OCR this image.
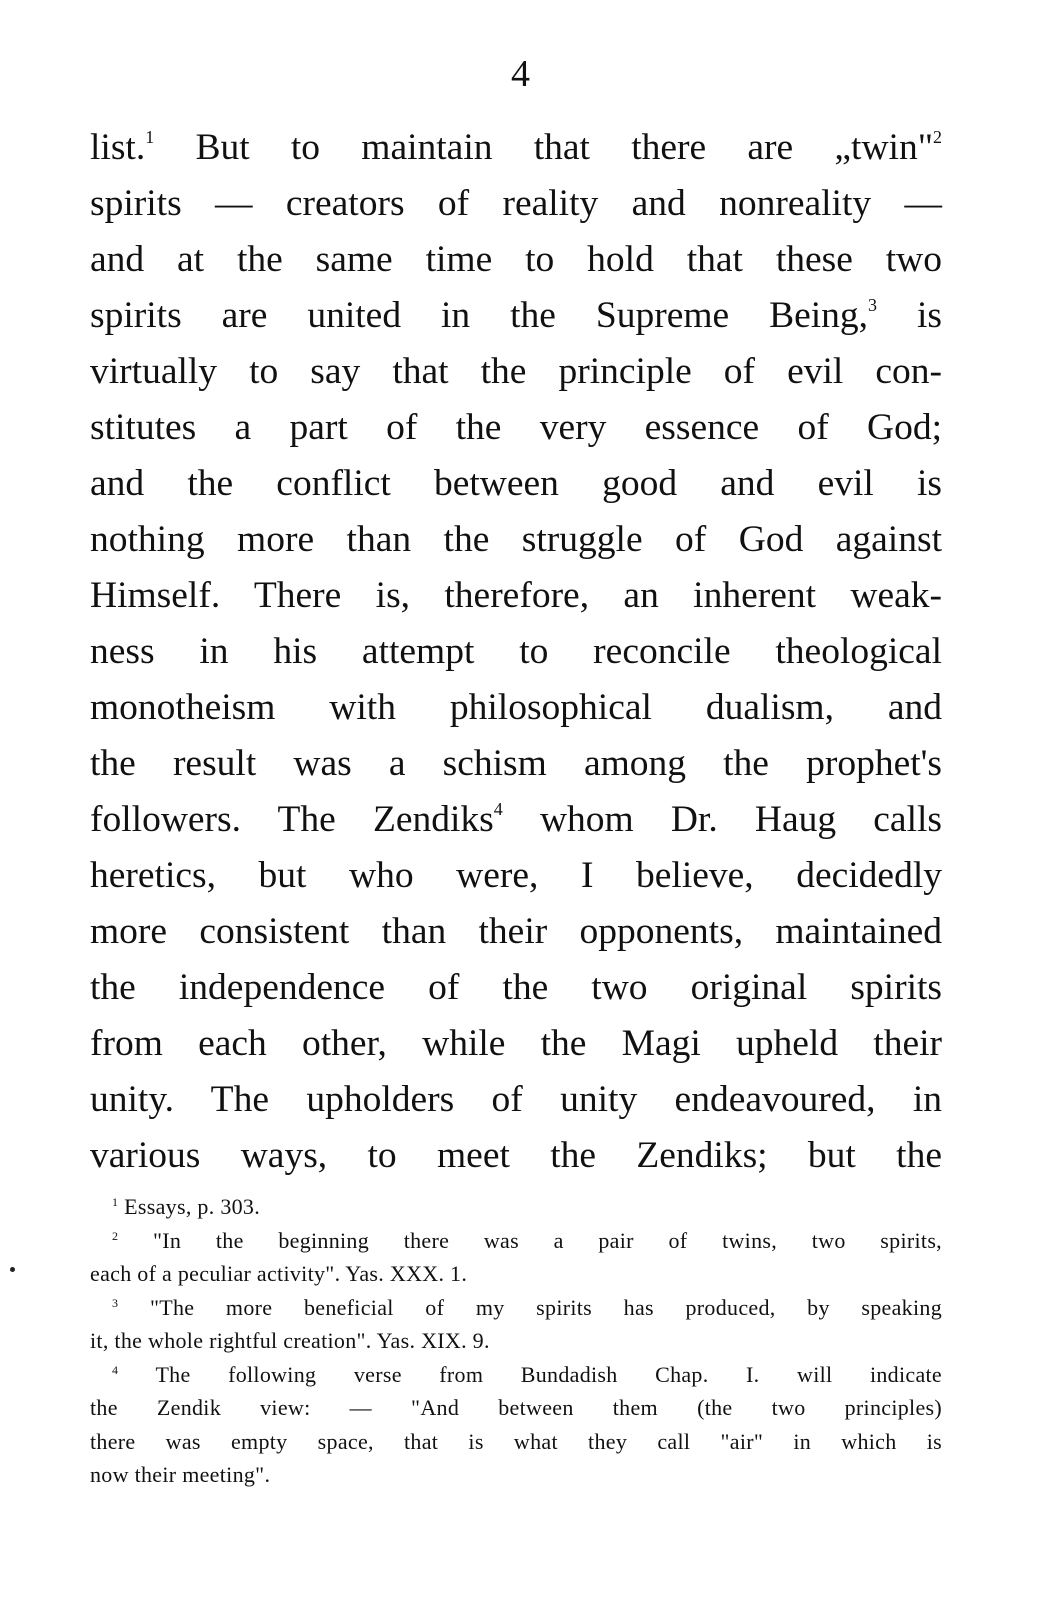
4
list.$^1$ But to maintain that there are „twin"$^2$
spirits — creators of reality and nonreality —
and at the same time to hold that these two
spirits are united in the Supreme Being,$^3$ is
virtually to say that the principle of evil con-
stitutes a part of the very essence of God;
and the conflict between good and evil is
nothing more than the struggle of God against
Himself. There is, therefore, an inherent weak-
ness in his attempt to reconcile theological
monotheism with philosophical dualism, and
the result was a schism among the prophet's
followers. The Zendiks$^4$ whom Dr. Haug calls
heretics, but who were, I believe, decidedly
more consistent than their opponents, maintained
the independence of the two original spirits
from each other, while the Magi upheld their
unity. The upholders of unity endeavoured, in
various ways, to meet the Zendiks; but the
$^1$ Essays, p. 303.
$^2$ "In the beginning there was a pair of twins, two spirits,
each of a peculiar activity". Yas. XXX. 1.
$^3$ "The more beneficial of my spirits has produced, by speaking
it, the whole rightful creation". Yas. XIX. 9.
$^4$ The following verse from Bundadish Chap. I. will indicate
the Zendik view: — "And between them (the two principles)
there was empty space, that is what they call "air" in which is
now their meeting".
